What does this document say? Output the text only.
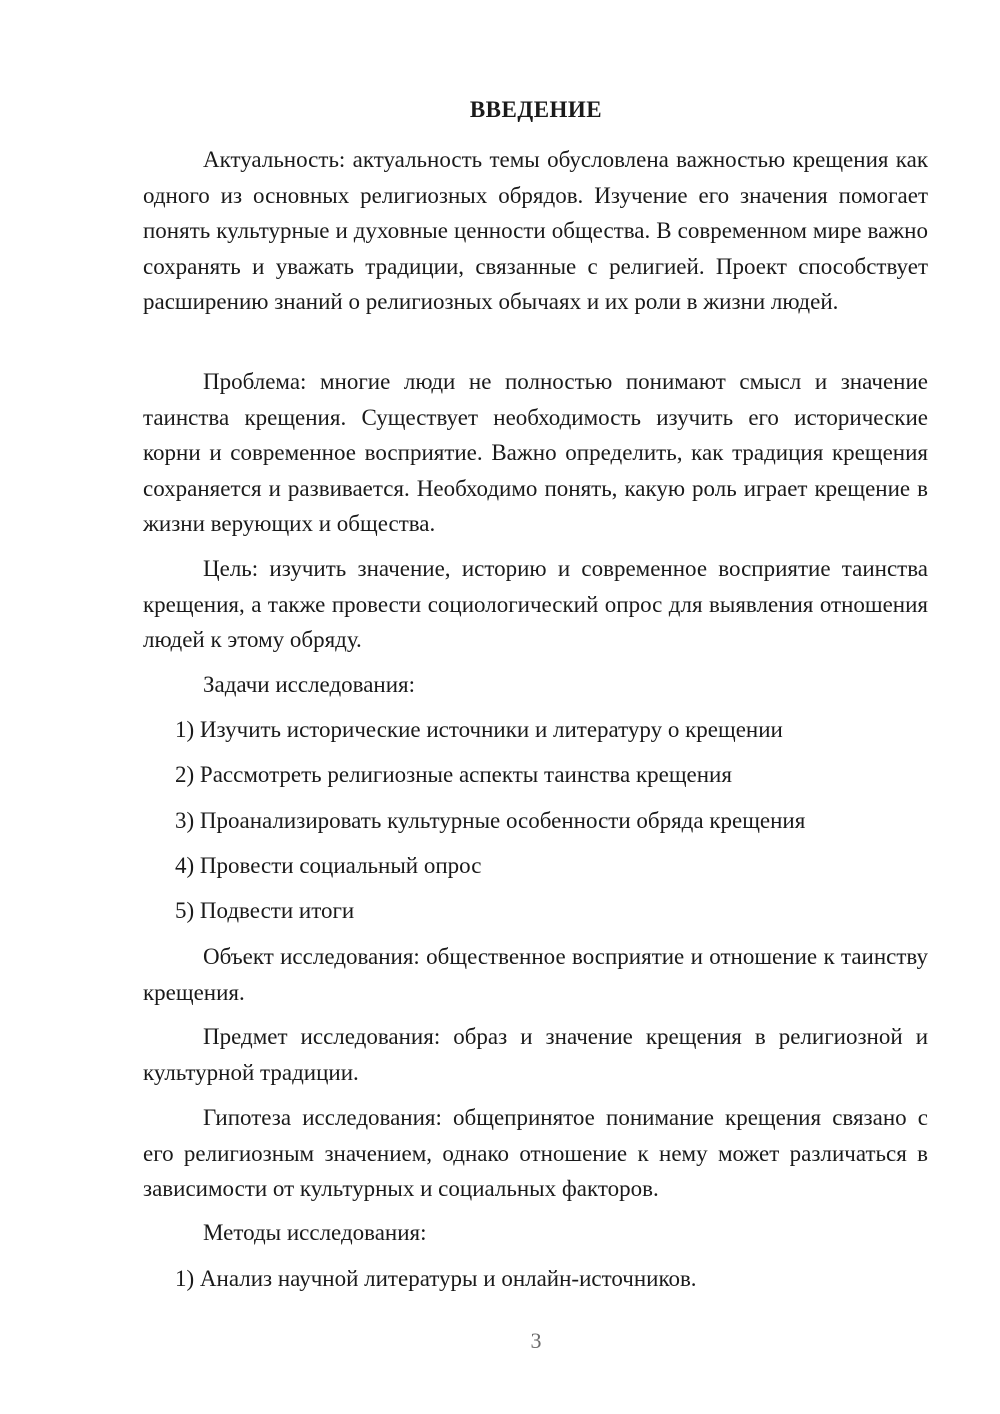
ВВЕДЕНИЕ

Актуальность: актуальность темы обусловлена важностью крещения как одного из основных религиозных обрядов. Изучение его значения помогает понять культурные и духовные ценности общества. В современном мире важно сохранять и уважать традиции, связанные с религией. Проект способствует расширению знаний о религиозных обычаях и их роли в жизни людей.

Проблема: многие люди не полностью понимают смысл и значение таинства крещения. Существует необходимость изучить его исторические корни и современное восприятие. Важно определить, как традиция крещения сохраняется и развивается. Необходимо понять, какую роль играет крещение в жизни верующих и общества.

Цель: изучить значение, историю и современное восприятие таинства крещения, а также провести социологический опрос для выявления отношения людей к этому обряду.

Задачи исследования:

1) Изучить исторические источники и литературу о крещении

2) Рассмотреть религиозные аспекты таинства крещения

3) Проанализировать культурные особенности обряда крещения

4) Провести социальный опрос

5) Подвести итоги

Объект исследования: общественное восприятие и отношение к таинству крещения.

Предмет исследования: образ и значение крещения в религиозной и культурной традиции.

Гипотеза исследования: общепринятое понимание крещения связано с его религиозным значением, однако отношение к нему может различаться в зависимости от культурных и социальных факторов.

Методы исследования:

1) Анализ научной литературы и онлайн-источников.

3
